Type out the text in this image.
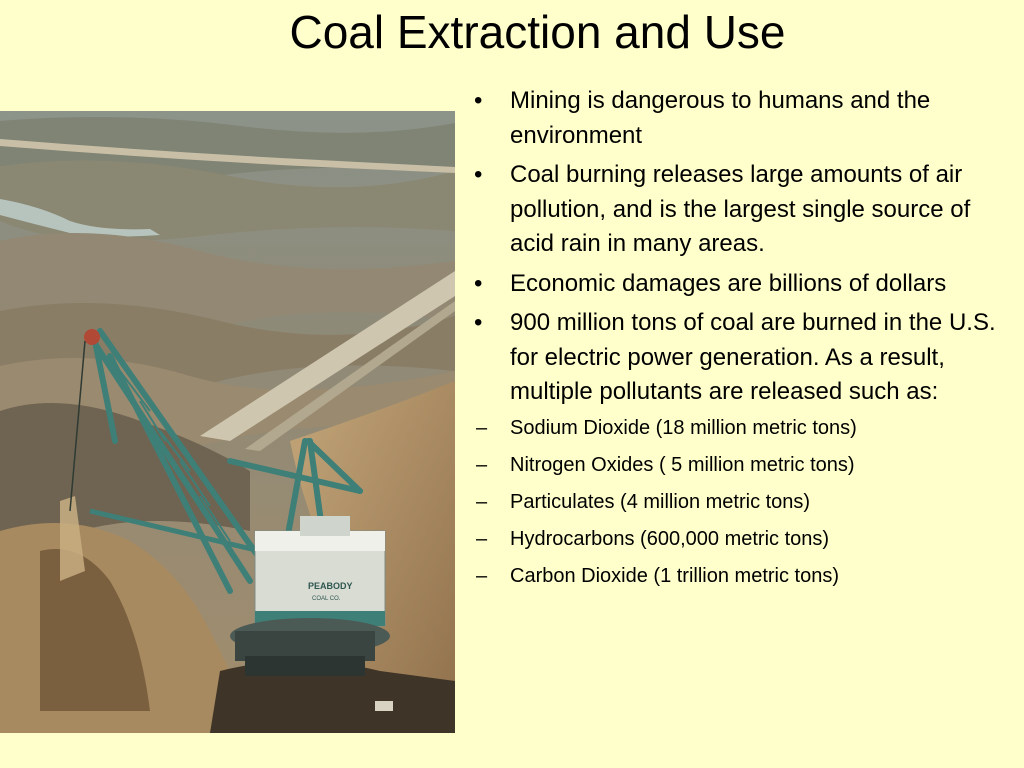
Coal Extraction and Use
PEABODY
COAL CO.
• Mining is dangerous to humans and the environment
• Coal burning releases large amounts of air pollution, and is the largest single source of acid rain in many areas.
• Economic damages are billions of dollars
• 900 million tons of coal are burned in the U.S. for electric power generation. As a result, multiple pollutants are released such as:
– Sodium Dioxide (18 million metric tons)
– Nitrogen Oxides ( 5 million metric tons)
– Particulates (4 million metric tons)
– Hydrocarbons (600,000 metric tons)
– Carbon Dioxide (1 trillion metric tons)
